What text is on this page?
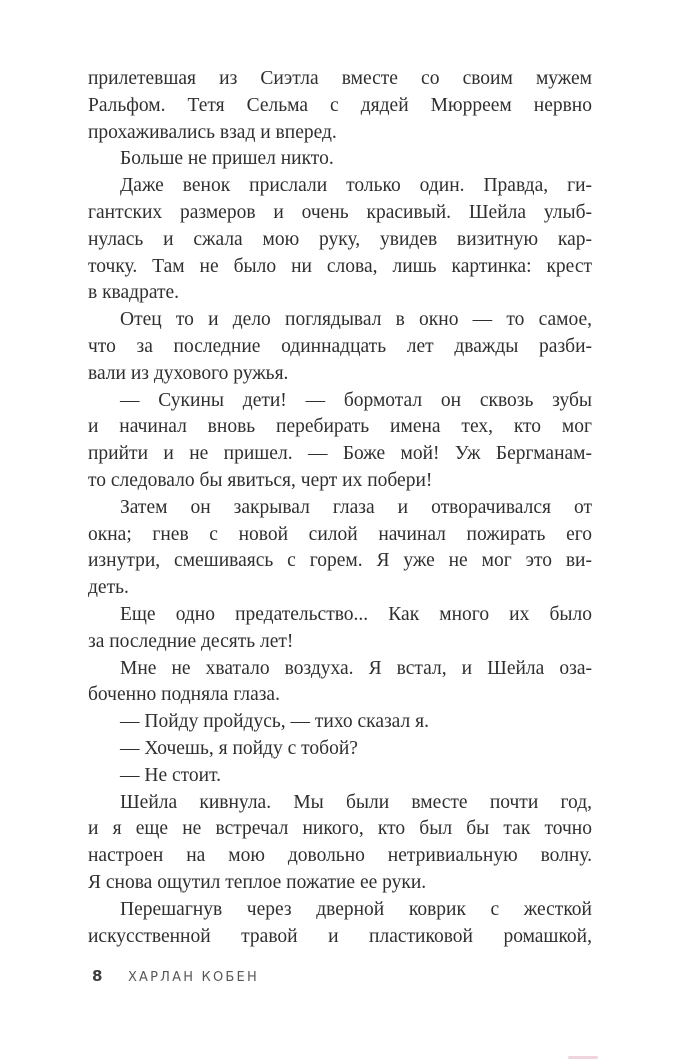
прилетевшая из Сиэтла вместе со своим мужем
Ральфом. Тетя Сельма с дядей Мюрреем нервно
прохаживались взад и вперед.
Больше не пришел никто.
Даже венок прислали только один. Правда, ги-
гантских размеров и очень красивый. Шейла улыб-
нулась и сжала мою руку, увидев визитную кар-
точку. Там не было ни слова, лишь картинка: крест
в квадрате.
Отец то и дело поглядывал в окно — то самое,
что за последние одиннадцать лет дважды разби-
вали из духового ружья.
— Сукины дети! — бормотал он сквозь зубы
и начинал вновь перебирать имена тех, кто мог
прийти и не пришел. — Боже мой! Уж Бергманам-
то следовало бы явиться, черт их побери!
Затем он закрывал глаза и отворачивался от
окна; гнев с новой силой начинал пожирать его
изнутри, смешиваясь с горем. Я уже не мог это ви-
деть.
Еще одно предательство... Как много их было
за последние десять лет!
Мне не хватало воздуха. Я встал, и Шейла оза-
боченно подняла глаза.
— Пойду пройдусь, — тихо сказал я.
— Хочешь, я пойду с тобой?
— Не стоит.
Шейла кивнула. Мы были вместе почти год,
и я еще не встречал никого, кто был бы так точно
настроен на мою довольно нетривиальную волну.
Я снова ощутил теплое пожатие ее руки.
Перешагнув через дверной коврик с жесткой
искусственной травой и пластиковой ромашкой,
8 ХАРЛАН КОБЕН
